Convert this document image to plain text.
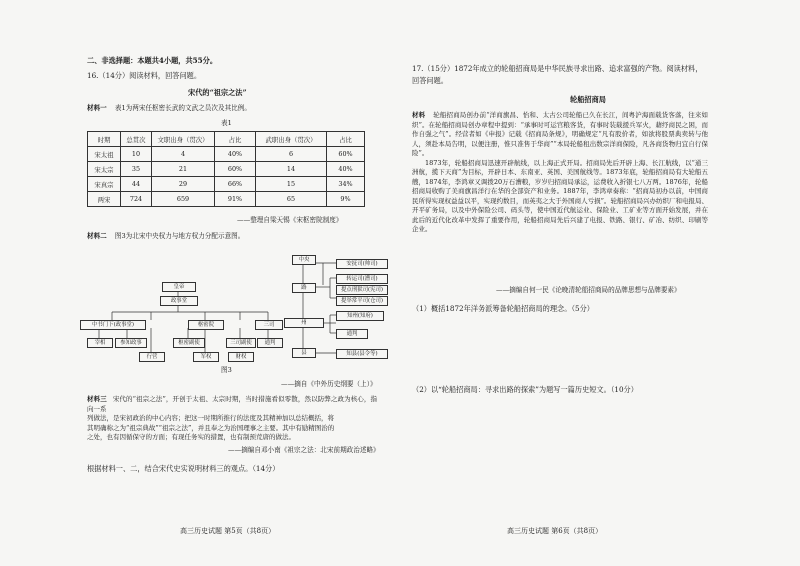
二、非选择题：本题共4小题，共55分。
16.（14分）阅读材料，回答问题。
宋代的“祖宗之法”
材料一 表1为两宋任枢密长武的文武之员次及其比例。
表1
时期	总贯次	文职出身（贯次）	占比	武职出身（贯次）	占比
宋太祖	10	4	40%	6	60%
宋太宗	35	21	60%	14	40%
宋真宗	44	29	66%	15	34%
两宋	724	659	91%	65	9%
——整理自梁天锡《宋枢密院制度》
材料二 图3为北宋中央权力与地方权力分配示意图。
皇帝
政事堂
中书门下(政事堂)	枢密院	三司
宰相	参知政事	枢密副使	三司副使	通判
行营	军权	财权
中央
路
州
县
安抚司(帅司)
转运司(漕司)
提点刑狱司(宪司)
提举常平司(仓司)
知州(知府)
通判
知县(县令等)
图3
——摘自《中外历史纲要（上）》

材料三 宋代的“祖宗之法”，开创于太祖、太宗时期，当时措施看似零散，然以防弊之政为核心，指向一系

列做法，是宋初政治的中心内容；把这一时期所推行的法度及其精神加以总结概括，将

其明确称之为“祖宗典故”“祖宗之法”，并且奉之为治国理事之主要。其中有励精图治的

之处，也有因循保守的方面；有现任务实的措置，也有制预荒唐的做法。

——摘编自邓小南《祖宗之法：北宋前期政治述略》
根据材料一、二，结合宋代史实说明材料三的观点。（14分）
高三历史试题 第5页（共8页）
17.（15分）1872年成立的轮船招商局是中华民族寻求出路、追求富强的产物。阅读材料，
回答问题。
轮船招商局

材料 轮船招商局创办前“洋商旗昌、怡和、太古公司轮船已久在长江，间粤沪海面载货客落，往来如织”。在轮船招商局创办章程中提到：“承事时可运官粮客货，有事时装载援兵军火，藉纾商民之困，而作自强之气”。经营者如《申报》记载《招商局条规》，明确规定“凡有股价者，如欲将股票典卖转与他人，须赴本局告明，以便注册，惟只准售于华商”“本局轮船租出数宗洋商保险，凡各商货物归宜自行保险”。

1873年，轮船招商局迅速开辟航线，以上海正式开局。招商局先后开辟上海、长江航线，以“通三洲航，揽下天商”为目标，开辟日本、东南亚、英国、美国航线等。1873年底，轮船招商局有大轮船五艘，1874年，李鸿章又调拨20万石漕粮，岁岁归招商局承运，运费收入折银七八万两。1876年，轮船招商局收购了美商旗昌洋行在华的全部资产和业务。1887年，李鸿章奏称：“招商局初办以前，中国商民所得实现权益益以平，实现约数目，而英夷之大于外国商人亏损”。轮船招商局兴办纺织厂和电报局、开平矿务局，以及中外保险公司、码头等，使中国近代航运业、保险业、工矿业等方面开始发展，并在此后的近代化改革中发挥了重要作用，轮船招商局先后兴建了电报、铁路、银行、矿冶、纺织、印刷等企业。

——摘编自何一民《论晚清轮船招商局的品牌思想与品牌要素》
（1）概括1872年洋务派筹备轮船招商局的理念。（5分）
（2）以“轮船招商局：寻求出路的探索”为题写一篇历史短文。（10分）
高三历史试题 第6页（共8页）
